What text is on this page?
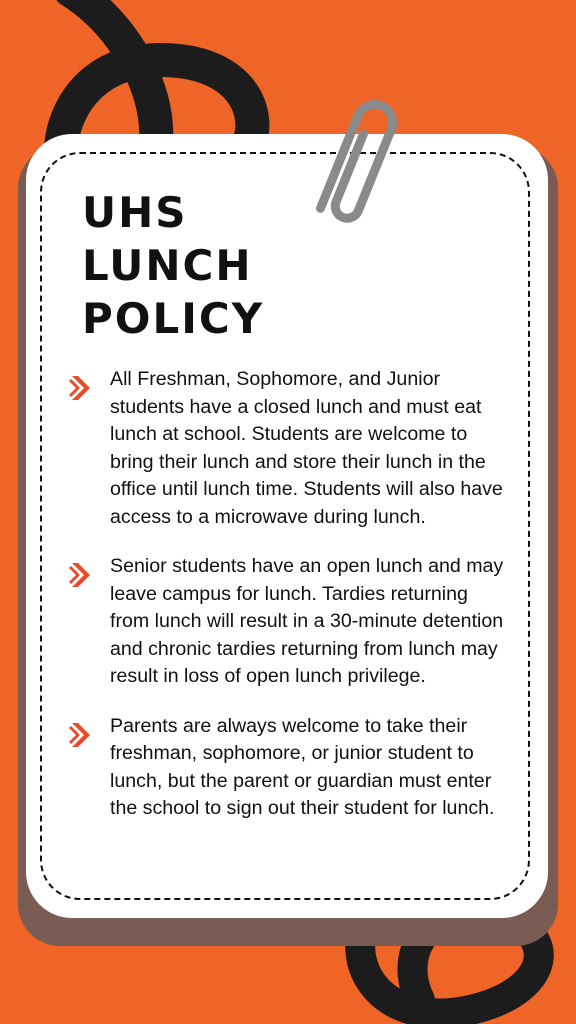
UHS
LUNCH
POLICY

All Freshman, Sophomore, and Junior students have a closed lunch and must eat lunch at school. Students are welcome to bring their lunch and store their lunch in the office until lunch time. Students will also have access to a microwave during lunch.

Senior students have an open lunch and may leave campus for lunch. Tardies returning from lunch will result in a 30-minute detention and chronic tardies returning from lunch may result in loss of open lunch privilege.

Parents are always welcome to take their freshman, sophomore, or junior student to lunch, but the parent or guardian must enter the school to sign out their student for lunch.
